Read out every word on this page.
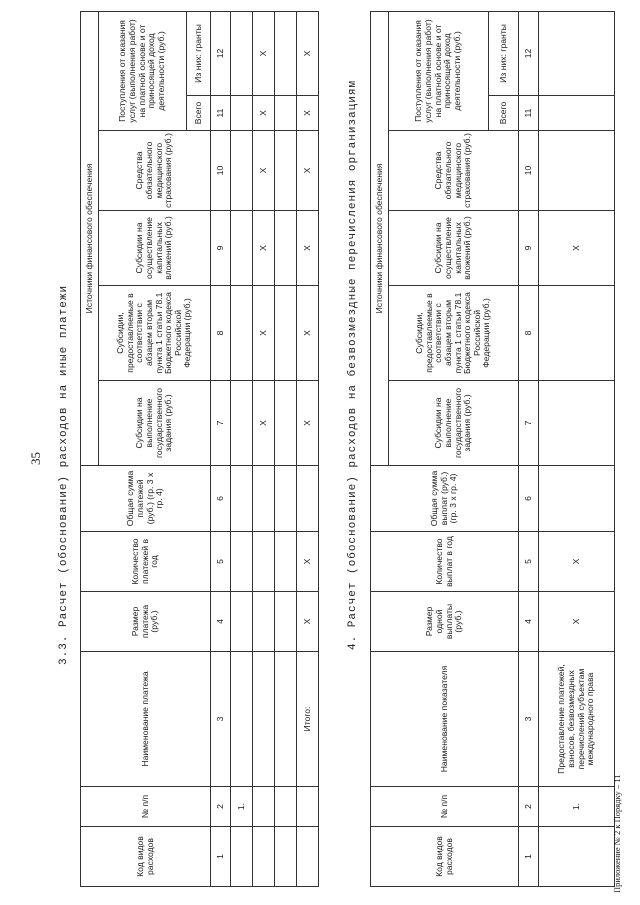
35 3.3. Расчет (обоснование) расходов на иные платежи
Код видов расходов	№ п/п	Наименование платежа	Размер платежа (руб.)	Количество платежей в год	Общая сумма платежей (руб.) (гр. 3 х гр. 4)	Источники финансового обеспечения					
						Субсидии на выполнение государственного задания (руб.)	Субсидии, предоставляемые в соответствии с абзацем вторым пункта 1 статьи 78.1 Бюджетного кодекса Российской Федерации (руб.)	Субсидии на осуществление капитальных вложений (руб.)	Средства обязательного медицинского страхования (руб.)	Поступления от оказания услуг (выполнения работ) на платной основе и от приносящей доход деятельности (руб.)	
										Всего	Из них: гранты
1	2	3	4	5	6	7	8	9	10	11	12
	1.										
						Х	Х	Х	Х	Х	Х

		Итого:	Х	Х		Х	Х	Х	Х	Х	Х
4. Расчет (обоснование) расходов на безвозмездные перечисления организациям
Код видов расходов	№ п/п	Наименование показателя	Размер одной выплаты (руб.)	Количество выплат в год	Общая сумма выплат (руб.) (гр. 3 х гр. 4)	Источники финансового обеспечения					
						Субсидии на выполнение государственного задания (руб.)	Субсидии, предоставляемые в соответствии с абзацем вторым пункта 1 статьи 78.1 Бюджетного кодекса Российской Федерации (руб.)	Субсидии на осуществление капитальных вложений (руб.)	Средства обязательного медицинского страхования (руб.)	Поступления от оказания услуг (выполнения работ) на платной основе и от приносящей доход деятельности (руб.)	
										Всего	Из них: гранты
1	2	3	4	5	6	7	8	9	10	11	12
	1.	Предоставление платежей, взносов, безвозмездных перечислений субъектам международного права	Х	Х				Х			
Приложение № 2 к Порядку – 11
